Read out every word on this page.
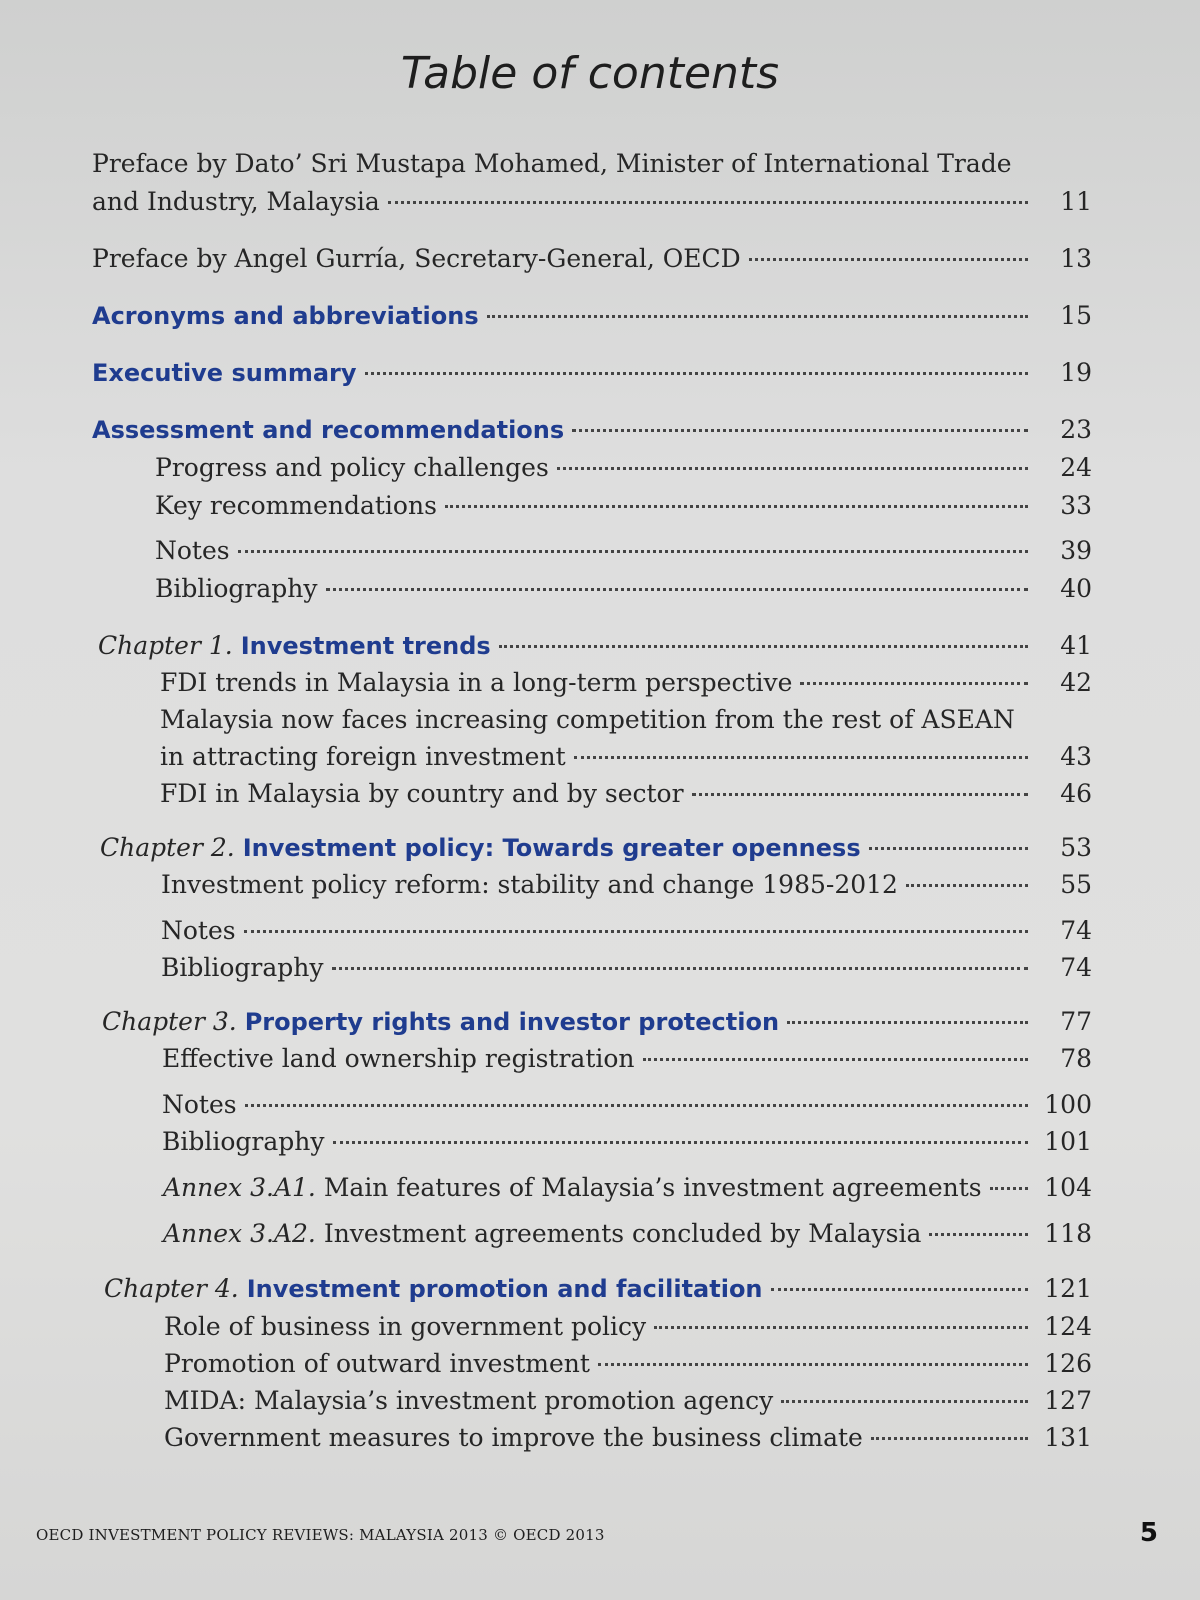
Table of contents
Preface by Dato’ Sri Mustapa Mohamed, Minister of International Trade
and Industry, Malaysia	11
Preface by Angel Gurría, Secretary-General, OECD	13
Acronyms and abbreviations	15
Executive summary	19
Assessment and recommendations	23
Progress and policy challenges	24
Key recommendations	33
Notes	39
Bibliography	40
Chapter 1. Investment trends	41
FDI trends in Malaysia in a long-term perspective	42
Malaysia now faces increasing competition from the rest of ASEAN
in attracting foreign investment	43
FDI in Malaysia by country and by sector	46
Chapter 2. Investment policy: Towards greater openness	53
Investment policy reform: stability and change 1985-2012	55
Notes	74
Bibliography	74
Chapter 3. Property rights and investor protection	77
Effective land ownership registration	78
Notes	100
Bibliography	101
Annex 3.A1. Main features of Malaysia’s investment agreements	104
Annex 3.A2. Investment agreements concluded by Malaysia	118
Chapter 4. Investment promotion and facilitation	121
Role of business in government policy	124
Promotion of outward investment	126
MIDA: Malaysia’s investment promotion agency	127
Government measures to improve the business climate	131
OECD INVESTMENT POLICY REVIEWS: MALAYSIA 2013 © OECD 2013	5
